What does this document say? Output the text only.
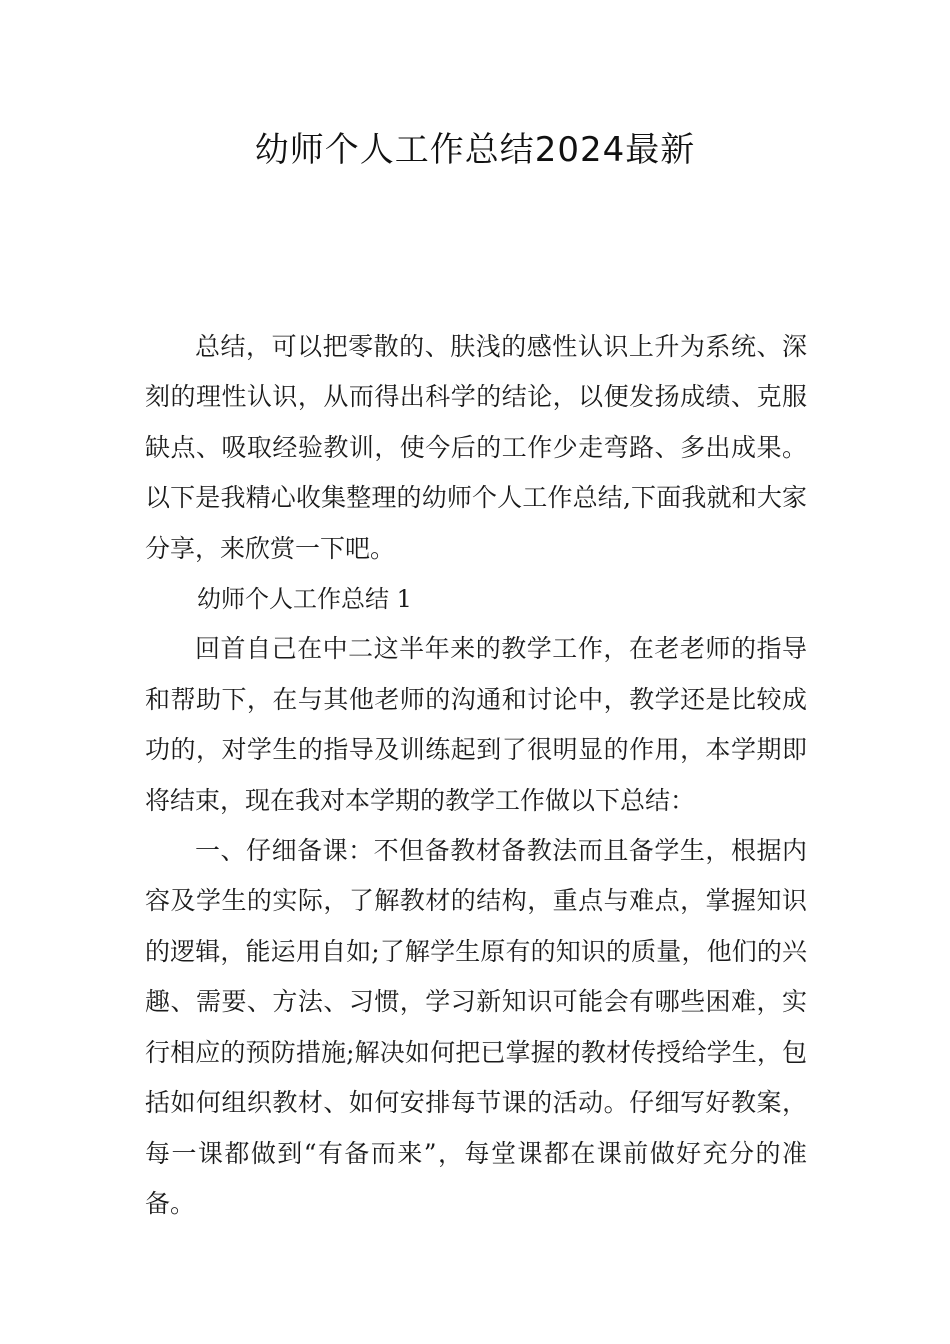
幼师个人工作总结2024最新

总结，可以把零散的、肤浅的感性认识上升为系统、深刻的理性认识，从而得出科学的结论，以便发扬成绩、克服缺点、吸取经验教训，使今后的工作少走弯路、多出成果。以下是我精心收集整理的幼师个人工作总结,下面我就和大家分享，来欣赏一下吧。

幼师个人工作总结 1

回首自己在中二这半年来的教学工作，在老老师的指导和帮助下，在与其他老师的沟通和讨论中，教学还是比较成功的，对学生的指导及训练起到了很明显的作用，本学期即将结束，现在我对本学期的教学工作做以下总结：

一、仔细备课：不但备教材备教法而且备学生，根据内容及学生的实际，了解教材的结构，重点与难点，掌握知识的逻辑，能运用自如;了解学生原有的知识的质量，他们的兴趣、需要、方法、习惯，学习新知识可能会有哪些困难，实行相应的预防措施;解决如何把已掌握的教材传授给学生，包括如何组织教材、如何安排每节课的活动。仔细写好教案，每一课都做到“有备而来”，每堂课都在课前做好充分的准备。
